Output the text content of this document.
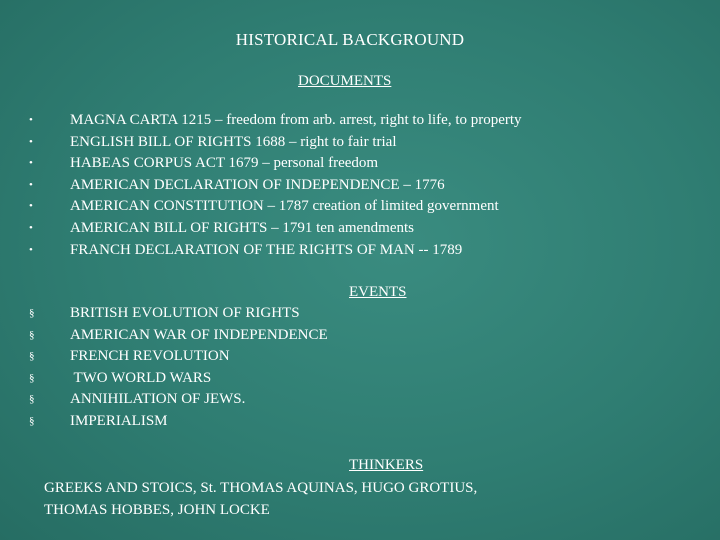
HISTORICAL BACKGROUND
DOCUMENTS
•	MAGNA CARTA 1215 – freedom from arb. arrest, right to life, to property
•	ENGLISH BILL OF RIGHTS 1688 – right to fair trial
•	HABEAS CORPUS ACT 1679 – personal freedom
•	AMERICAN DECLARATION OF INDEPENDENCE – 1776
•	AMERICAN CONSTITUTION – 1787 creation of limited government
•	AMERICAN BILL OF RIGHTS – 1791 ten amendments
•	FRANCH DECLARATION OF THE RIGHTS OF MAN -- 1789
EVENTS
§	BRITISH EVOLUTION OF RIGHTS
§	AMERICAN WAR OF INDEPENDENCE
§	FRENCH REVOLUTION
§	TWO WORLD WARS
§	ANNIHILATION OF JEWS.
§	IMPERIALISM
THINKERS
GREEKS AND STOICS, St. THOMAS AQUINAS, HUGO GROTIUS,
THOMAS HOBBES, JOHN LOCKE
